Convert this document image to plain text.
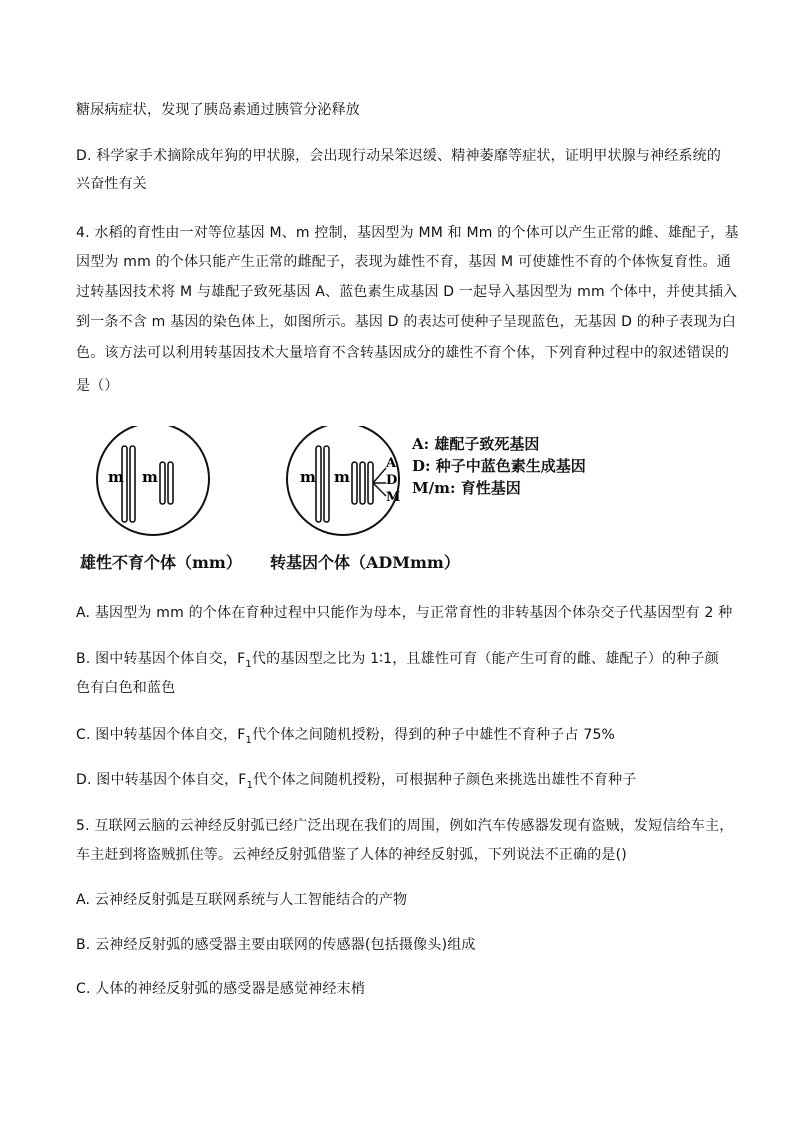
糖尿病症状，发现了胰岛素通过胰管分泌释放
D. 科学家手术摘除成年狗的甲状腺，会出现行动呆笨迟缓、精神萎靡等症状，证明甲状腺与神经系统的
兴奋性有关
4. 水稻的育性由一对等位基因 M、m 控制，基因型为 MM 和 Mm 的个体可以产生正常的雌、雄配子，基
因型为 mm 的个体只能产生正常的雌配子，表现为雄性不育，基因 M 可使雄性不育的个体恢复育性。通
过转基因技术将 M 与雄配子致死基因 A、蓝色素生成基因 D 一起导入基因型为 mm 个体中，并使其插入
到一条不含 m 基因的染色体上，如图所示。基因 D 的表达可使种子呈现蓝色，无基因 D 的种子表现为白
色。该方法可以利用转基因技术大量培育不含转基因成分的雄性不育个体，下列育种过程中的叙述错误的
是（）
m m	m m
A
D
M
A: 雄配子致死基因
D: 种子中蓝色素生成基因
M/m: 育性基因
雄性不育个体（mm） 转基因个体（ADMmm）
A. 基因型为 mm 的个体在育种过程中只能作为母本，与正常育性的非转基因个体杂交子代基因型有 2 种
B. 图中转基因个体自交，$F_1$代的基因型之比为 1∶1，且雄性可育（能产生可育的雌、雄配子）的种子颜
色有白色和蓝色
C. 图中转基因个体自交，$F_1$代个体之间随机授粉，得到的种子中雄性不育种子占 75%
D. 图中转基因个体自交，$F_1$代个体之间随机授粉，可根据种子颜色来挑选出雄性不育种子
5. 互联网云脑的云神经反射弧已经广泛出现在我们的周围，例如汽车传感器发现有盗贼，发短信给车主，
车主赶到将盗贼抓住等。云神经反射弧借鉴了人体的神经反射弧，下列说法不正确的是()
A. 云神经反射弧是互联网系统与人工智能结合的产物
B. 云神经反射弧的感受器主要由联网的传感器(包括摄像头)组成
C. 人体的神经反射弧的感受器是感觉神经末梢
